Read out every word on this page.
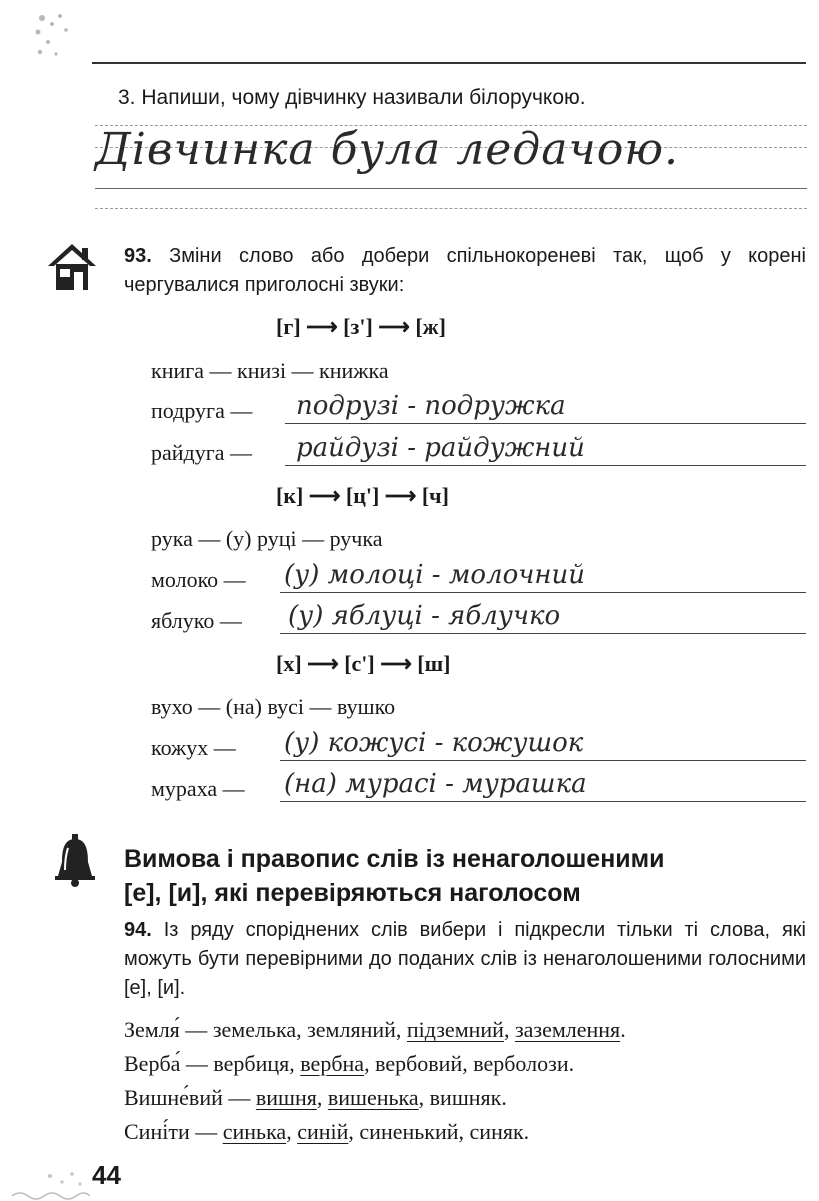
3. Напиши, чому дівчинку називали білоручкою.
Дівчинка була ледачою.
93. Зміни слово або добери спільнокореневі так, щоб у корені чергувалися приголосні звуки:
[г] ⟶ [з'] ⟶ [ж]
книга — книзі — книжка
подруга — подрузі - подружка
райдуга — райдузі - райдужний
[к] ⟶ [ц'] ⟶ [ч]
рука — (у) руці — ручка
молоко — (у) молоці - молочний
яблуко — (у) яблуці - яблучко
[х] ⟶ [с'] ⟶ [ш]
вухо — (на) вусі — вушко
кожух — (у) кожусі - кожушок
мураха — (на) мурасі - мурашка
Вимова і правопис слів із ненаголошеними
[е], [и], які перевіряються наголосом
94. Із ряду споріднених слів вибери і підкресли тільки ті слова, які можуть бути перевірними до поданих слів із ненаголошеними голосними [е], [и].
Земля́ — земелька, земляний, підземний, заземлення.
Верба́ — вербиця, вербна, вербовий, верболози.
Вишне́вий — вишня, вишенька, вишняк.
Сині́ти — синька, синій, синенький, синяк.
44
